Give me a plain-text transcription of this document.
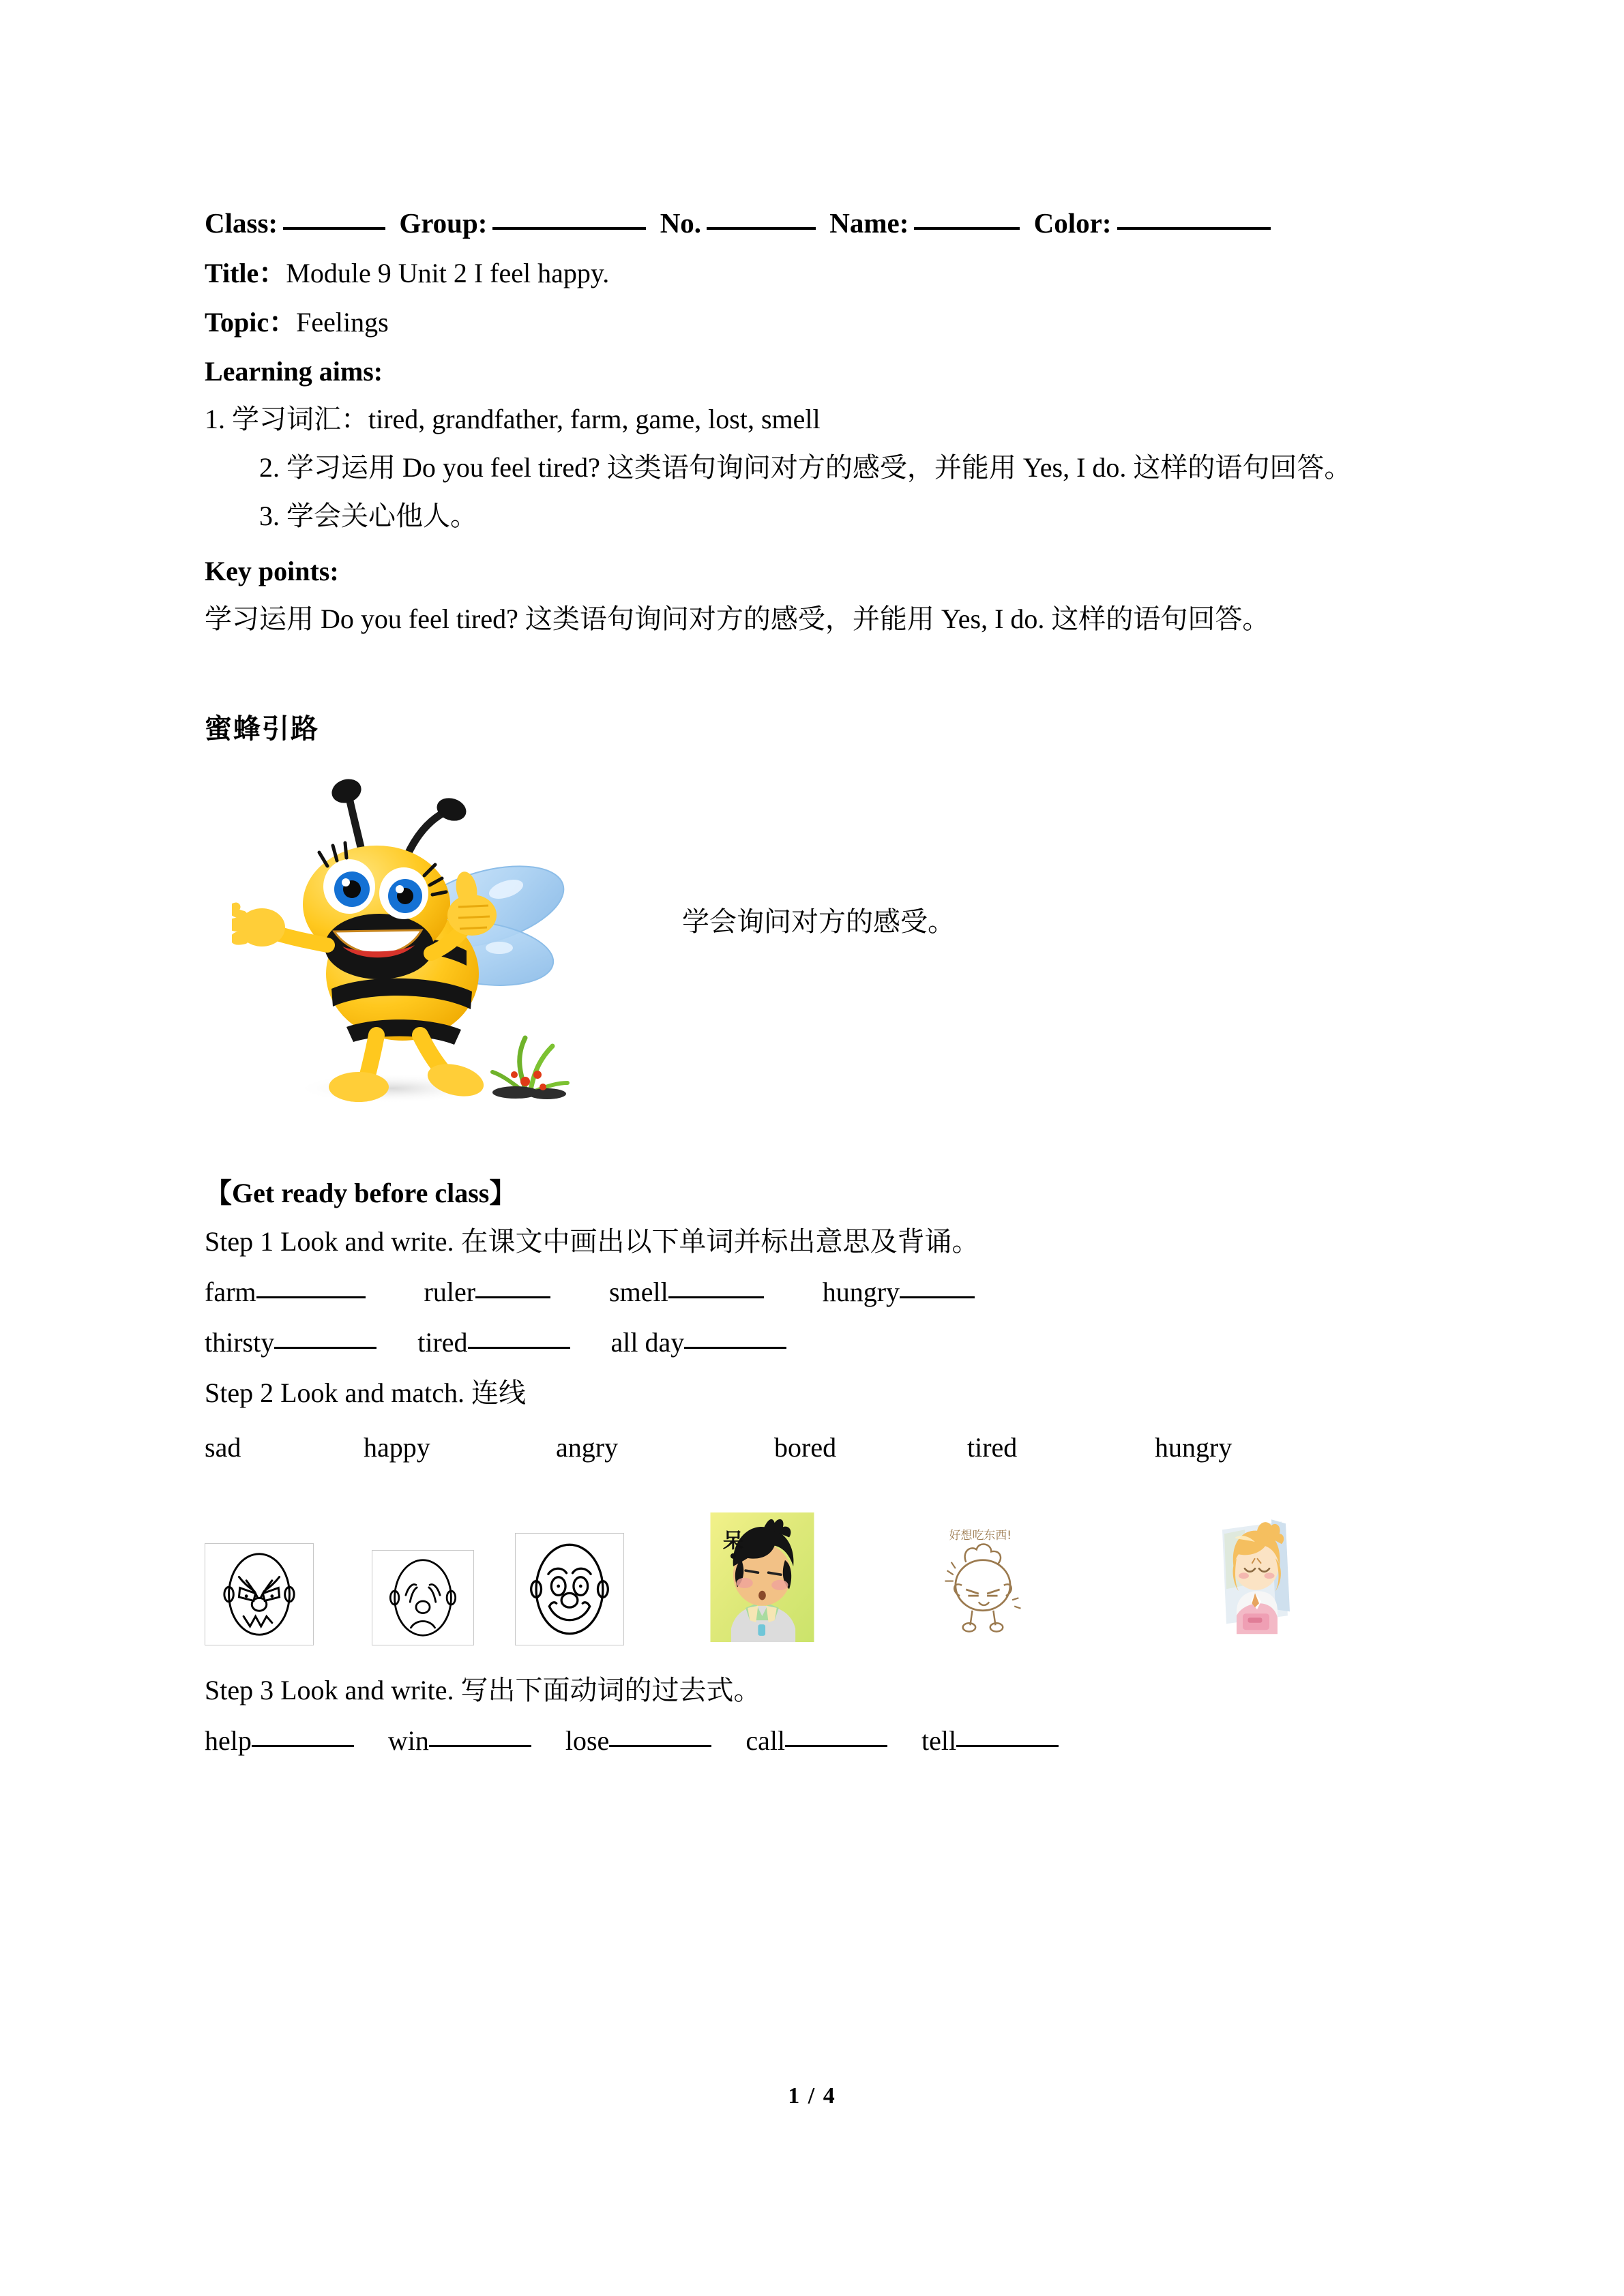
Class:	Group:	No.	Name:	Color:
Title：Module 9 Unit 2 I feel happy.
Topic：Feelings
Learning aims:
1. 学习词汇：tired, grandfather, farm, game, lost, smell
2. 学习运用 Do you feel tired? 这类语句询问对方的感受，并能用 Yes, I do. 这样的语句回答。
3. 学会关心他人。
Key points:
学习运用 Do you feel tired? 这类语句询问对方的感受，并能用 Yes, I do. 这样的语句回答。
蜜蜂引路
学会询问对方的感受。
【Get ready before class】
Step 1 Look and write. 在课文中画出以下单词并标出意思及背诵。
farm	ruler	smell	hungry
thirsty	tired	all day
Step 2 Look and match. 连线
sad	happy	angry	bored	tired	hungry
呆	好想吃东西!
Step 3 Look and write. 写出下面动词的过去式。
help	win	lose	call	tell
1 / 4
